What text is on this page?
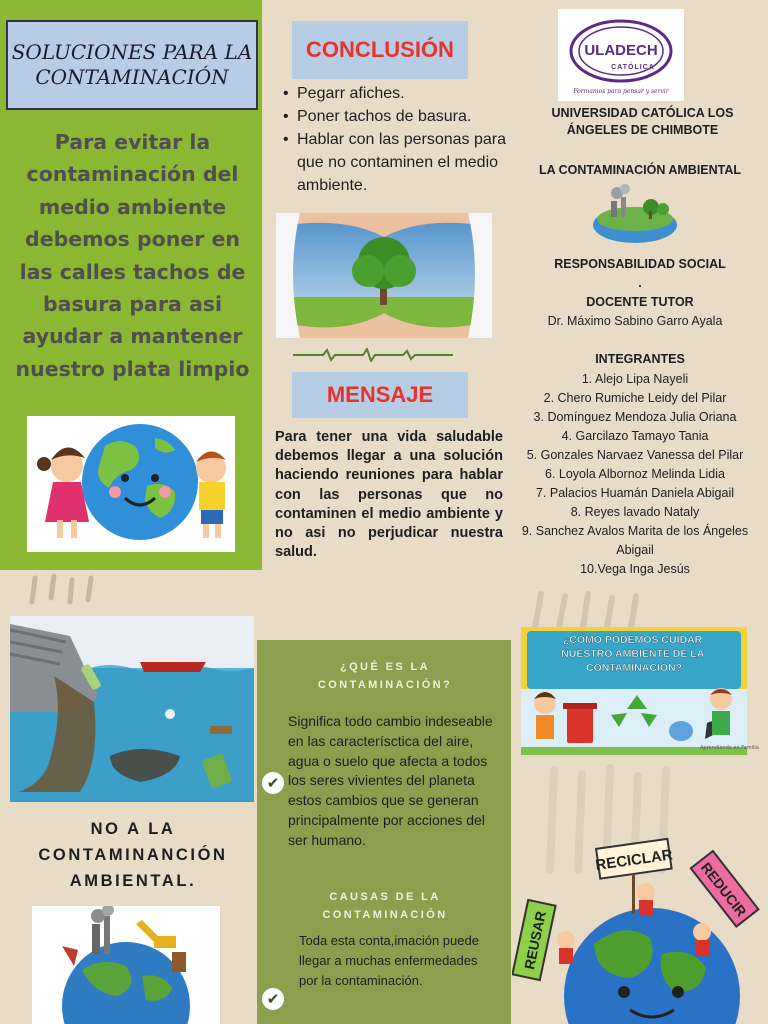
SOLUCIONES PARA LA CONTAMINACIÓN
Para evitar la contaminación del medio ambiente debemos poner en las calles tachos de basura para asi ayudar a mantener nuestro plata limpio
CONCLUSIÓN
• Pegarr afiches.
• Poner tachos de basura.
• Hablar con las personas para que no contaminen el medio ambiente.
MENSAJE
Para tener una vida saludable debemos llegar a una solución haciendo reuniones para hablar con las personas que no contaminen el medio ambiente y no asi no perjudicar nuestra salud.
ULADECH
CATÓLICA
Formamos para pensar y servir
UNIVERSIDAD CATÓLICA LOS ÁNGELES DE CHIMBOTE
LA CONTAMINACIÓN AMBIENTAL
RESPONSABILIDAD SOCIAL
.
DOCENTE TUTOR
Dr. Máximo Sabino Garro Ayala
INTEGRANTES
1. Alejo Lipa Nayeli
2. Chero Rumiche Leidy del Pilar
3. Domínguez Mendoza Julia Oriana
4. Garcilazo Tamayo Tania
5. Gonzales Narvaez Vanessa del Pilar
6. Loyola Albornoz Melinda Lidia
7. Palacios Huamán Daniela Abigail
8. Reyes lavado Nataly
9. Sanchez Avalos Marita de los Ángeles Abigail
10.Vega Inga Jesús
NO A LA CONTAMINANCIÓN AMBIENTAL.
¿QUÉ ES LA CONTAMINACIÓN?
Significa todo cambio indeseable en las caracterísctica del aire, agua o suelo que afecta a todos los seres vivientes del planeta estos cambios que se generan principalmente por acciones del ser humano.
✔
CAUSAS DE LA CONTAMINACIÓN
Toda esta conta,imación puede llegar a muchas enfermedades por la contaminación.
✔
¿CÓMO PODEMOS CUIDAR NUESTRO AMBIENTE DE LA CONTAMINACIÓN?
Aprendiendo en Familia
RECICLAR REDUCIR
REUSAR
